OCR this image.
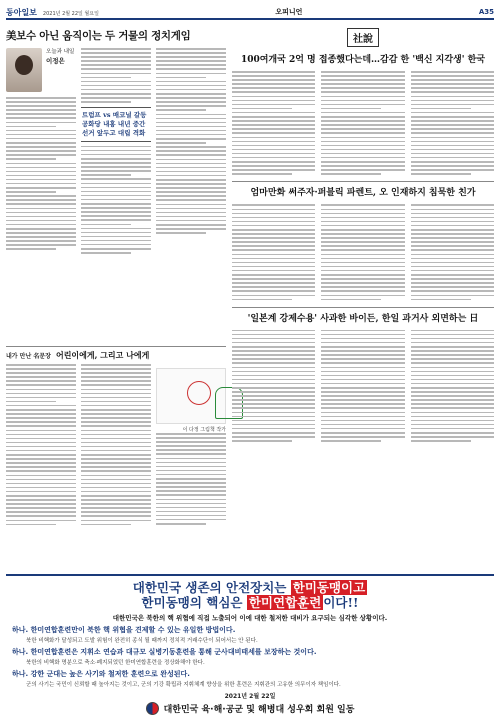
동아일보 2021년 2월 22일 월요일	오피니언	A35
美보수 아닌 움직이는 두 거물의 정치게임
오늘과 내일
이정은
트럼프 vs 매코널 갈등 공화당 내홍 내년 중간선거 앞두고 대립 격화
내가 만난 名문장 어린이에게, 그리고 나에게
이 다정 그림책 작가
社說
100여개국 2억 명 접종했다는데…감감 한 '백신 지각생' 한국
엄마만화 써주자·퍼블릭 파렌트, 오 인재하지 침묵한 친가
'일본계 강제수용' 사과한 바이든, 한일 과거사 외면하는 日
대한민국 생존의 안전장치는 한미동맹이고
한미동맹의 핵심은 한미연합훈련 이다!!
대한민국은 북한의 핵 위협에 직접 노출되어 이에 대한 철저한 대비가 요구되는 심각한 상황이다.
하나. 한미연합훈련만이 북한 핵 위협을 견제할 수 있는 유일한 방법이다.
북한 비핵화가 달성되고 도발 위험이 완전히 종식 될 때까지 정치적 거래수단이 되어서는 안 된다.
하나. 한미연합훈련은 지휘소 연습과 대규모 실병기동훈련을 통해 군사대비태세를 보장하는 것이다.
북한의 비핵화 명분으로 축소·폐지되었던 한미연합훈련을 정상화해야 한다.
하나. 강한 군대는 높은 사기와 철저한 훈련으로 완성된다.
군의 사기는 국민이 신뢰할 때 높아지는 것이고, 군의 기강 확립과 지휘체계 향상을 위한 훈련은 지휘관의 고유한 의무이자 책임이다.
2021년 2월 22일
대한민국 육·해·공군 및 해병대 성우회 회원 일동
